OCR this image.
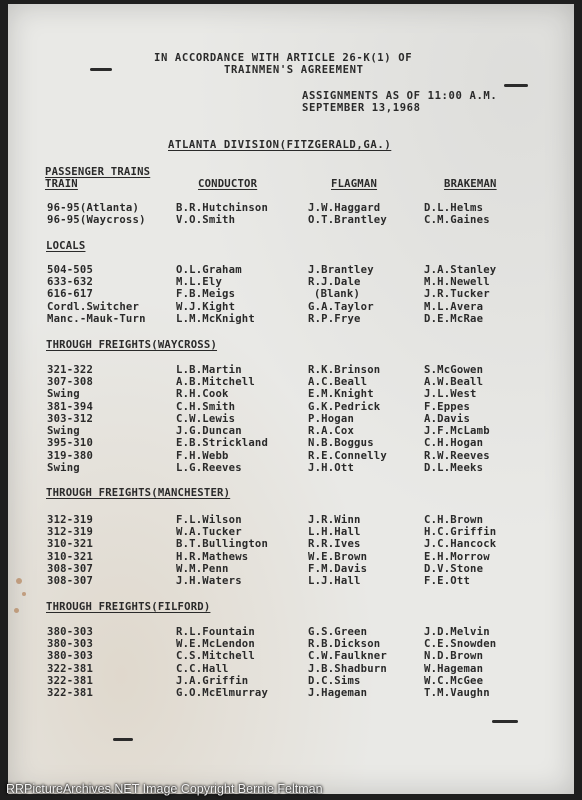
IN ACCORDANCE WITH ARTICLE 26-K(1) OF

TRAINMEN'S AGREEMENT

ASSIGNMENTS AS OF 11:00 A.M.

SEPTEMBER 13,1968

ATLANTA DIVISION(FITZGERALD,GA.)

PASSENGER TRAINS

TRAIN	CONDUCTOR	FLAGMAN	BRAKEMAN

96-95(Atlanta)	B.R.Hutchinson	J.W.Haggard	D.L.Helms

96-95(Waycross)	V.O.Smith	O.T.Brantley	C.M.Gaines

LOCALS

504-505	O.L.Graham	J.Brantley	J.A.Stanley

633-632	M.L.Ely	R.J.Dale	M.H.Newell

616-617	F.B.Meigs	(Blank)	J.R.Tucker

Cordl.Switcher	W.J.Kight	G.A.Taylor	M.L.Avera

Manc.-Mauk-Turn	L.M.McKnight	R.P.Frye	D.E.McRae

THROUGH FREIGHTS(WAYCROSS)

321-322	L.B.Martin	R.K.Brinson	S.McGowen

307-308	A.B.Mitchell	A.C.Beall	A.W.Beall

Swing	R.H.Cook	E.M.Knight	J.L.West

381-394	C.H.Smith	G.K.Pedrick	F.Eppes

303-312	C.W.Lewis	P.Hogan	A.Davis

Swing	J.G.Duncan	R.A.Cox	J.F.McLamb

395-310	E.B.Strickland	N.B.Boggus	C.H.Hogan

319-380	F.H.Webb	R.E.Connelly	R.W.Reeves

Swing	L.G.Reeves	J.H.Ott	D.L.Meeks

THROUGH FREIGHTS(MANCHESTER)

312-319	F.L.Wilson	J.R.Winn	C.H.Brown

312-319	W.A.Tucker	L.H.Hall	H.C.Griffin

310-321	B.T.Bullington	R.R.Ives	J.C.Hancock

310-321	H.R.Mathews	W.E.Brown	E.H.Morrow

308-307	W.M.Penn	F.M.Davis	D.V.Stone

308-307	J.H.Waters	L.J.Hall	F.E.Ott

THROUGH FREIGHTS(FILFORD)

380-303	R.L.Fountain	G.S.Green	J.D.Melvin

380-303	W.E.McLendon	R.B.Dickson	C.E.Snowden

380-303	C.S.Mitchell	C.W.Faulkner	N.D.Brown

322-381	C.C.Hall	J.B.Shadburn	W.Hageman

322-381	J.A.Griffin	D.C.Sims	W.C.McGee

322-381	G.O.McElmurray	J.Hageman	T.M.Vaughn

RRPictureArchives.NET Image Copyright Bernie Feltman
